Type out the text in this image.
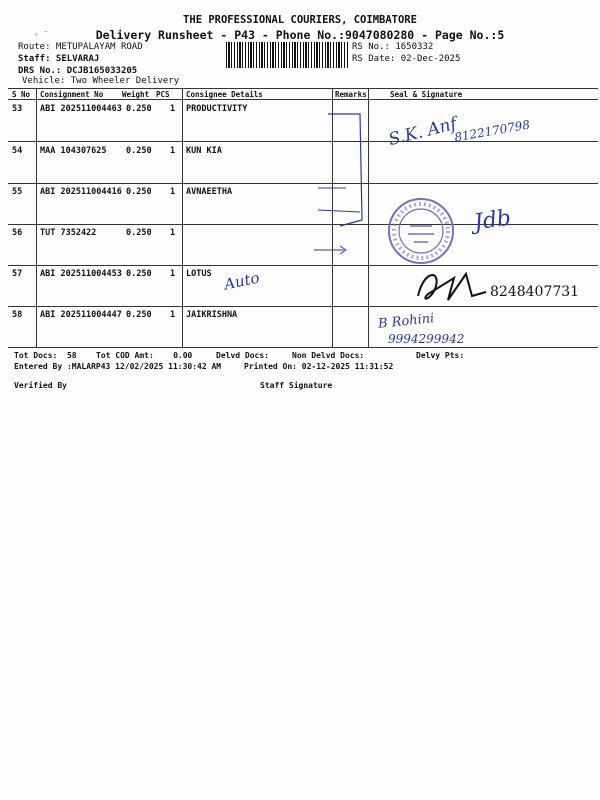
‹ ˜
THE PROFESSIONAL COURIERS, COIMBATORE
Delivery Runsheet - P43 - Phone No.:9047080280 - Page No.:5
Route: METUPALAYAM ROAD
Staff: SELVARAJ
DRS No.: DCJB165033205
Vehicle: Two Wheeler Delivery
RS No.: 1650332
RS Date: 02-Dec-2025
S No Consignment No	Weight PCS Consignee Details	Remarks	Seal & Signature
53 ABI 202511004463 0.250 1 PRODUCTIVITY
54 MAA 104307625 0.250 1 KUN KIA
55 ABI 202511004416 0.250 1 AVNAEETHA
56 TUT 7352422	0.250 1
57 ABI 202511004453 0.250 1 LOTUS
58 ABI 202511004447 0.250 1 JAIKRISHNA
S.K. Anf
8122170798
Jdb
Auto	8248407731
B Rohini
9994299942
Tot Docs:  58 Tot COD Amt:    0.00	Delvd Docs:	Non Delvd Docs:	Delvy Pts:
Entered By :MALARP43 12/02/2025 11:30:42 AM	Printed On: 02-12-2025 11:31:52
Verified By	Staff Signature
